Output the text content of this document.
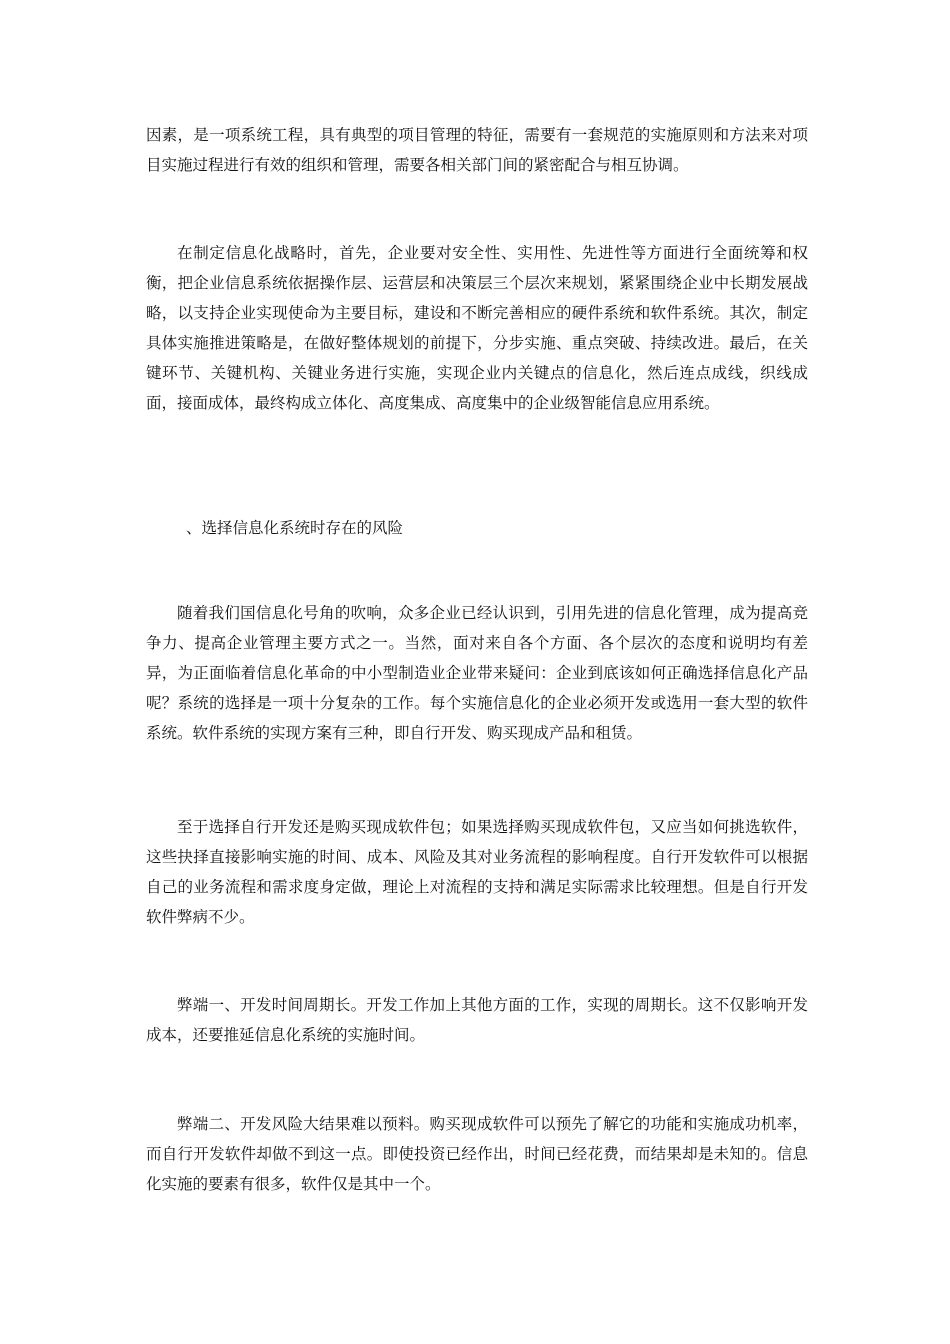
因素，是一项系统工程，具有典型的项目管理的特征，需要有一套规范的实施原则和方法来对项目实施过程进行有效的组织和管理，需要各相关部门间的紧密配合与相互协调。

在制定信息化战略时，首先，企业要对安全性、实用性、先进性等方面进行全面统筹和权衡，把企业信息系统依据操作层、运营层和决策层三个层次来规划，紧紧围绕企业中长期发展战略，以支持企业实现使命为主要目标，建设和不断完善相应的硬件系统和软件系统。其次，制定具体实施推进策略是，在做好整体规划的前提下，分步实施、重点突破、持续改进。最后，在关键环节、关键机构、关键业务进行实施，实现企业内关键点的信息化，然后连点成线，织线成面，接面成体，最终构成立体化、高度集成、高度集中的企业级智能信息应用系统。

、选择信息化系统时存在的风险

随着我们国信息化号角的吹响，众多企业已经认识到，引用先进的信息化管理，成为提高竞争力、提高企业管理主要方式之一。当然，面对来自各个方面、各个层次的态度和说明均有差异，为正面临着信息化革命的中小型制造业企业带来疑问：企业到底该如何正确选择信息化产品呢？系统的选择是一项十分复杂的工作。每个实施信息化的企业必须开发或选用一套大型的软件系统。软件系统的实现方案有三种，即自行开发、购买现成产品和租赁。

至于选择自行开发还是购买现成软件包；如果选择购买现成软件包，又应当如何挑选软件，这些抉择直接影响实施的时间、成本、风险及其对业务流程的影响程度。自行开发软件可以根据自己的业务流程和需求度身定做，理论上对流程的支持和满足实际需求比较理想。但是自行开发软件弊病不少。

弊端一、开发时间周期长。开发工作加上其他方面的工作，实现的周期长。这不仅影响开发成本，还要推延信息化系统的实施时间。

弊端二、开发风险大结果难以预料。购买现成软件可以预先了解它的功能和实施成功机率，而自行开发软件却做不到这一点。即使投资已经作出，时间已经花费，而结果却是未知的。信息化实施的要素有很多，软件仅是其中一个。
